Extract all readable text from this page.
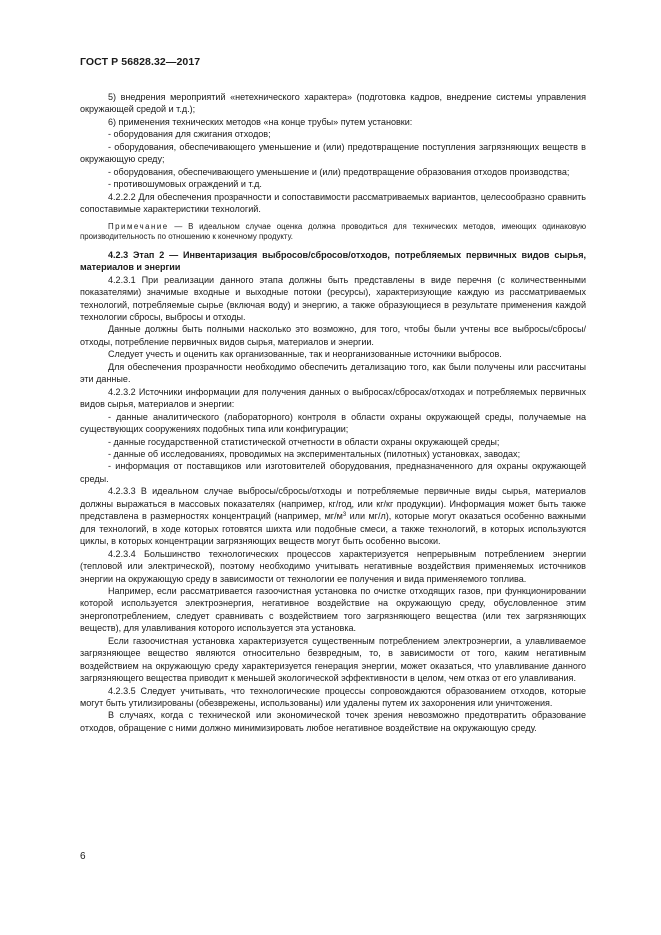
ГОСТ Р 56828.32—2017

5) внедрения мероприятий «нетехнического характера» (подготовка кадров, внедрение системы управления окружающей средой и т.д.);

6) применения технических методов «на конце трубы» путем установки:

- оборудования для сжигания отходов;

- оборудования, обеспечивающего уменьшение и (или) предотвращение поступления загрязняющих веществ в окружающую среду;

- оборудования, обеспечивающего уменьшение и (или) предотвращение образования отходов производства;

- противошумовых ограждений и т.д.

4.2.2.2 Для обеспечения прозрачности и сопоставимости рассматриваемых вариантов, целесообразно сравнить сопоставимые характеристики технологий.

Примечание — В идеальном случае оценка должна проводиться для технических методов, имеющих одинаковую производительность по отношению к конечному продукту.

4.2.3 Этап 2 — Инвентаризация выбросов/сбросов/отходов, потребляемых первичных видов сырья, материалов и энергии

4.2.3.1 При реализации данного этапа должны быть представлены в виде перечня (с количественными показателями) значимые входные и выходные потоки (ресурсы), характеризующие каждую из рассматриваемых технологий, потребляемые сырье (включая воду) и энергию, а также образующиеся в результате применения каждой технологии сбросы, выбросы и отходы.

Данные должны быть полными насколько это возможно, для того, чтобы были учтены все выбросы/сбросы/отходы, потребление первичных видов сырья, материалов и энергии.

Следует учесть и оценить как организованные, так и неорганизованные источники выбросов.

Для обеспечения прозрачности необходимо обеспечить детализацию того, как были получены или рассчитаны эти данные.

4.2.3.2 Источники информации для получения данных о выбросах/сбросах/отходах и потребляемых первичных видов сырья, материалов и энергии:

- данные аналитического (лабораторного) контроля в области охраны окружающей среды, получаемые на существующих сооружениях подобных типа или конфигурации;

- данные государственной статистической отчетности в области охраны окружающей среды;

- данные об исследованиях, проводимых на экспериментальных (пилотных) установках, заводах;

- информация от поставщиков или изготовителей оборудования, предназначенного для охраны окружающей среды.

4.2.3.3 В идеальном случае выбросы/сбросы/отходы и потребляемые первичные виды сырья, материалов должны выражаться в массовых показателях (например, кг/год, или кг/кг продукции). Информация может быть также представлена в размерностях концентраций (например, $мг/м^3$ или мг/л), которые могут оказаться особенно важными для технологий, в ходе которых готовятся шихта или подобные смеси, а также технологий, в которых используются циклы, в которых концентрации загрязняющих веществ могут быть особенно высоки.

4.2.3.4 Большинство технологических процессов характеризуется непрерывным потреблением энергии (тепловой или электрической), поэтому необходимо учитывать негативные воздействия применяемых источников энергии на окружающую среду в зависимости от технологии ее получения и вида применяемого топлива.

Например, если рассматривается газоочистная установка по очистке отходящих газов, при функционировании которой используется электроэнергия, негативное воздействие на окружающую среду, обусловленное этим энергопотреблением, следует сравнивать с воздействием того загрязняющего вещества (или тех загрязняющих веществ), для улавливания которого используется эта установка.

Если газоочистная установка характеризуется существенным потреблением электроэнергии, а улавливаемое загрязняющее вещество являются относительно безвредным, то, в зависимости от того, каким негативным воздействием на окружающую среду характеризуется генерация энергии, может оказаться, что улавливание данного загрязняющего вещества приводит к меньшей экологической эффективности в целом, чем отказ от его улавливания.

4.2.3.5 Следует учитывать, что технологические процессы сопровождаются образованием отходов, которые могут быть утилизированы (обезврежены, использованы) или удалены путем их захоронения или уничтожения.

В случаях, когда с технической или экономической точек зрения невозможно предотвратить образование отходов, обращение с ними должно минимизировать любое негативное воздействие на окружающую среду.

6
